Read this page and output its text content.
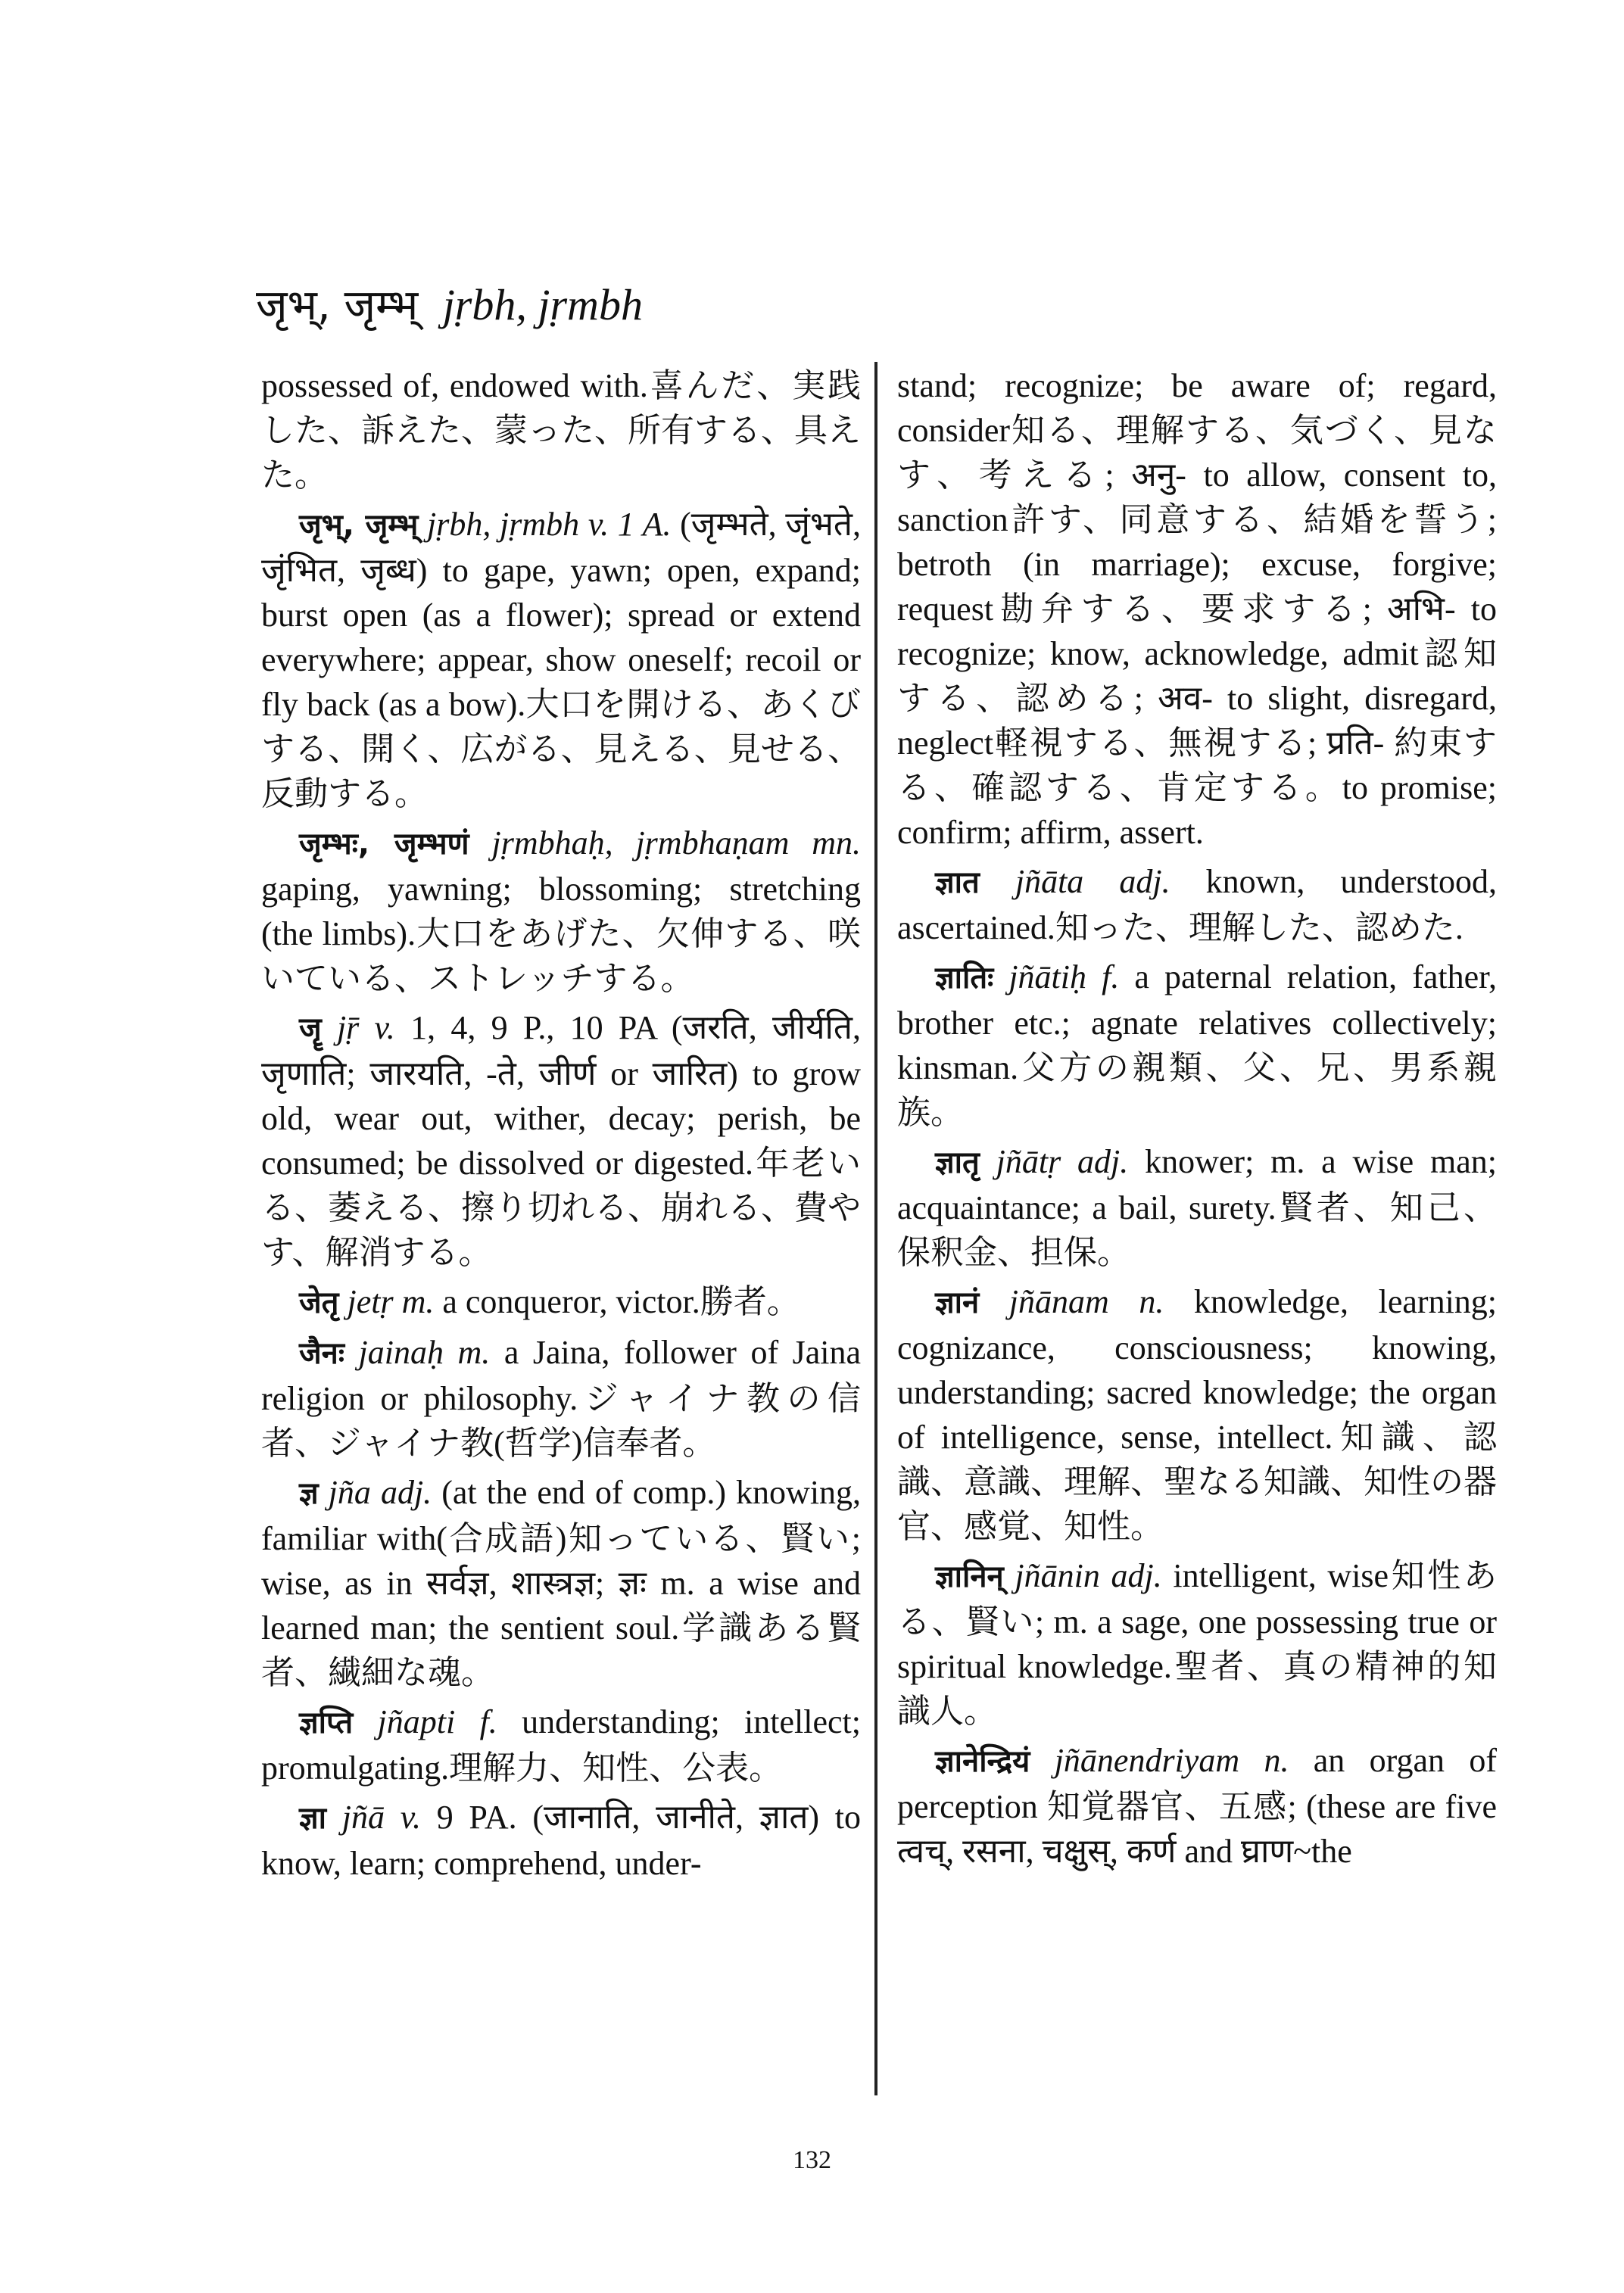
जृभ्, जृम्भ् jṛbh, jṛmbh

possessed of, endowed with.喜んだ、実践した、訴えた、蒙った、所有する、具えた。

जृभ्, जृम्भ् jṛbh, jṛmbh v. 1 A. (जृम्भते, जृंभते, जृंभित, जृब्ध) to gape, yawn; open, expand; burst open (as a flower); spread or extend everywhere; appear, show oneself; recoil or fly back (as a bow).大口を開ける、あくびする、開く、広がる、見える、見せる、反動する。

जृम्भः, जृम्भणं jṛmbhaḥ, jṛmbhaṇam mn. gaping, yawning; blossoming; stretching (the limbs).大口をあげた、欠伸する、咲いている、ストレッチする。

जॄ jṝ v. 1, 4, 9 P., 10 PA (जरति, जीर्यति, जृणाति; जारयति, -ते, जीर्ण or जारित) to grow old, wear out, wither, decay; perish, be consumed; be dissolved or digested.年老いる、萎える、擦り切れる、崩れる、費やす、解消する。

जेतृ jetṛ m. a conqueror, victor.勝者。

जैनः jainaḥ m. a Jaina, follower of Jaina religion or philosophy.ジャイナ教の信者、ジャイナ教(哲学)信奉者。

ज्ञ jña adj. (at the end of comp.) knowing, familiar with(合成語)知っている、賢い; wise, as in सर्वज्ञ, शास्त्रज्ञ; ज्ञः m. a wise and learned man; the sentient soul.学識ある賢者、繊細な魂。

ज्ञप्ति jñapti f. understanding; intellect; promulgating.理解力、知性、公表。

ज्ञा jñā v. 9 PA. (जानाति, जानीते, ज्ञात) to know, learn; comprehend, under-

stand; recognize; be aware of; regard, consider知る、理解する、気づく、見なす、考える; अनु- to allow, consent to, sanction許す、同意する、結婚を誓う; betroth (in marriage); excuse, forgive; request勘弁する、要求する; अभि- to recognize; know, acknowledge, admit認知する、認める; अव- to slight, disregard, neglect軽視する、無視する; प्रति- 約束する、確認する、肯定する。to promise; confirm; affirm, assert.

ज्ञात jñāta adj. known, understood, ascertained.知った、理解した、認めた.

ज्ञातिः jñātiḥ f. a paternal relation, father, brother etc.; agnate relatives collectively; kinsman.父方の親類、父、兄、男系親族。

ज्ञातृ jñātṛ adj. knower; m. a wise man; acquaintance; a bail, surety.賢者、知己、保釈金、担保。

ज्ञानं jñānam n. knowledge, learning; cognizance, consciousness; knowing, understanding; sacred knowledge; the organ of intelligence, sense, intellect.知識、認識、意識、理解、聖なる知識、知性の器官、感覚、知性。

ज्ञानिन् jñānin adj. intelligent, wise知性ある、賢い; m. a sage, one possessing true or spiritual knowledge.聖者、真の精神的知識人。

ज्ञानेन्द्रियं jñānendriyam n. an organ of perception 知覚器官、五感; (these are five त्वच्, रसना, चक्षुस्, कर्ण and घ्राण~the

132
